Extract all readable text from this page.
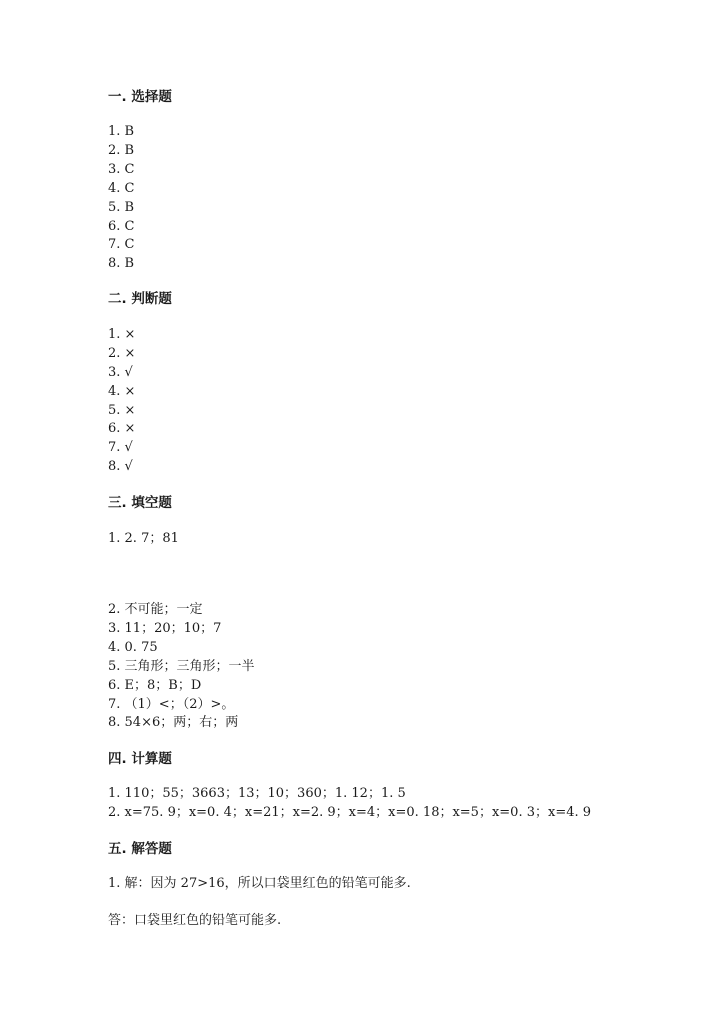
一. 选择题
1. B
2. B
3. C
4. C
5. B
6. C
7. C
8. B
二. 判断题
1. ×
2. ×
3. √
4. ×
5. ×
6. ×
7. √
8. √
三. 填空题
1. 2. 7；81
2. 不可能；一定
3. 11；20；10；7
4. 0. 75
5. 三角形；三角形；一半
6. E；8；B；D
7. （1）<；（2）>。
8. 54×6；两；右；两
四. 计算题
1. 110；55；3663；13；10；360；1. 12；1. 5
2. x=75. 9；x=0. 4；x=21；x=2. 9；x=4；x=0. 18；x=5；x=0. 3；x=4. 9
五. 解答题
1. 解：因为 27>16，所以口袋里红色的铅笔可能多.
答：口袋里红色的铅笔可能多.
